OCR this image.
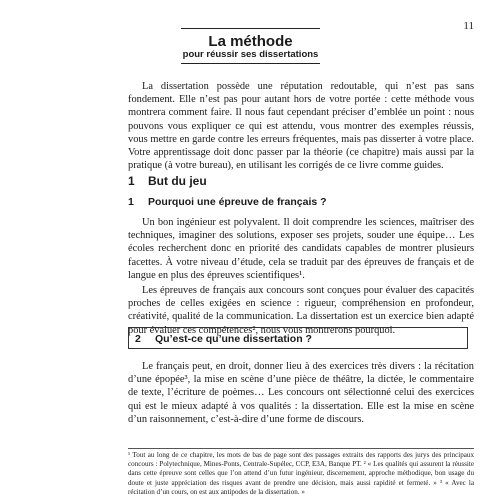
11
La méthode
pour réussir ses dissertations

La dissertation possède une réputation redoutable, qui n’est pas sans fondement. Elle n’est pas pour autant hors de votre portée : cette méthode vous montrera comment faire. Il nous faut cependant préciser d’emblée un point : nous pouvons vous expliquer ce qui est attendu, vous montrer des exemples réussis, vous mettre en garde contre les erreurs fréquentes, mais pas disserter à votre place. Votre apprentissage doit donc passer par la théorie (ce chapitre) mais aussi par la pratique (à votre bureau), en utilisant les corrigés de ce livre comme guides.

1 But du jeu
1 Pourquoi une épreuve de français ?

Un bon ingénieur est polyvalent. Il doit comprendre les sciences, maîtriser des techniques, imaginer des solutions, exposer ses projets, souder une équipe… Les écoles recherchent donc en priorité des candidats capables de montrer plusieurs facettes. À votre niveau d’étude, cela se traduit par des épreuves de français et de langue en plus des épreuves scientifiques¹.

Les épreuves de français aux concours sont conçues pour évaluer des capacités proches de celles exigées en science : rigueur, compréhension en profondeur, créativité, qualité de la communication. La dissertation est un exercice bien adapté pour évaluer ces compétences², nous vous montrerons pourquoi.

2 Qu’est-ce qu’une dissertation ?

Le français peut, en droit, donner lieu à des exercices très divers : la récitation d’une épopée³, la mise en scène d’une pièce de théâtre, la dictée, le commentaire de texte, l’écriture de poèmes… Les concours ont sélectionné celui des exercices qui est le mieux adapté à vos qualités : la dissertation. Elle est la mise en scène d’un raisonnement, c’est-à-dire d’une forme de discours.

¹ Tout au long de ce chapitre, les mots de bas de page sont des passages extraits des rapports des jurys des principaux concours : Polytechnique, Mines-Ponts, Centrale-Supélec, CCP, E3A, Banque PT. ² « Les qualités qui assurent la réussite dans cette épreuve sont celles que l’on attend d’un futur ingénieur, discernement, approche méthodique, bon usage du doute et juste appréciation des risques avant de prendre une décision, mais aussi rapidité et fermeté. » ³ « Avec la récitation d’un cours, on est aux antipodes de la dissertation. »
